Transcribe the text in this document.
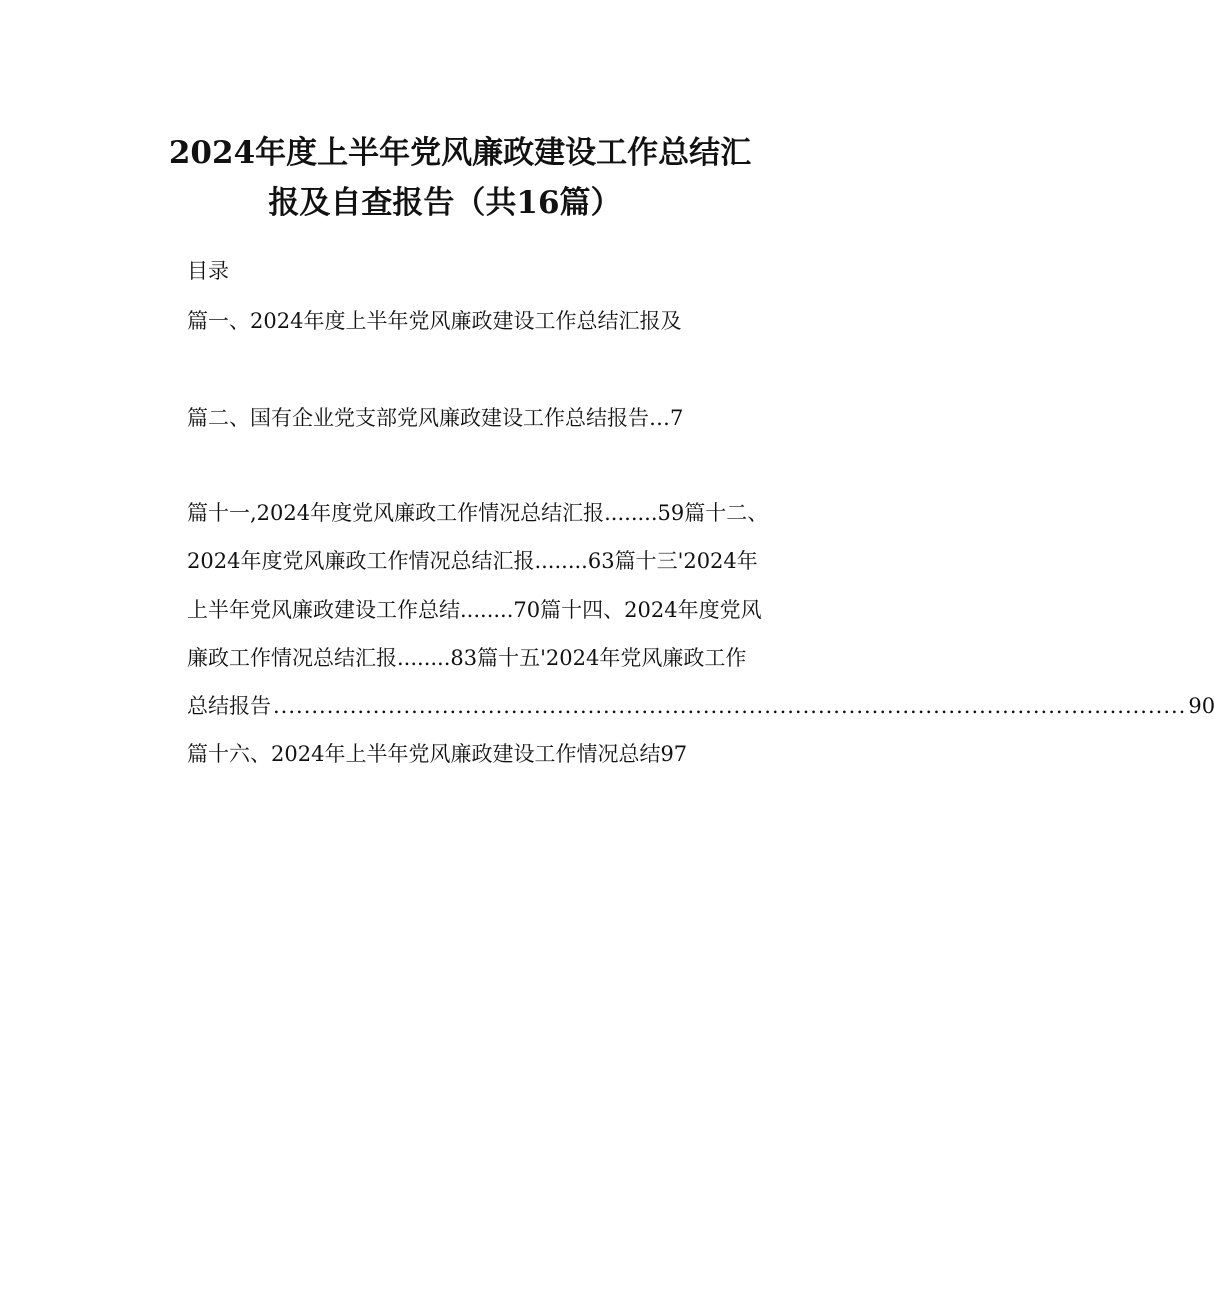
2024年度上半年党风廉政建设工作总结汇
报及自查报告（共16篇）
目录
篇一、2024年度上半年党风廉政建设工作总结汇报及
篇二、国有企业党支部党风廉政建设工作总结报告…7
篇十一,2024年度党风廉政工作情况总结汇报........59篇十二、
2024年度党风廉政工作情况总结汇报........63篇十三'2024年
上半年党风廉政建设工作总结........70篇十四、2024年度党风
廉政工作情况总结汇报........83篇十五'2024年党风廉政工作
总结报告 ....................................................................................................................... 90
篇十六、2024年上半年党风廉政建设工作情况总结97
